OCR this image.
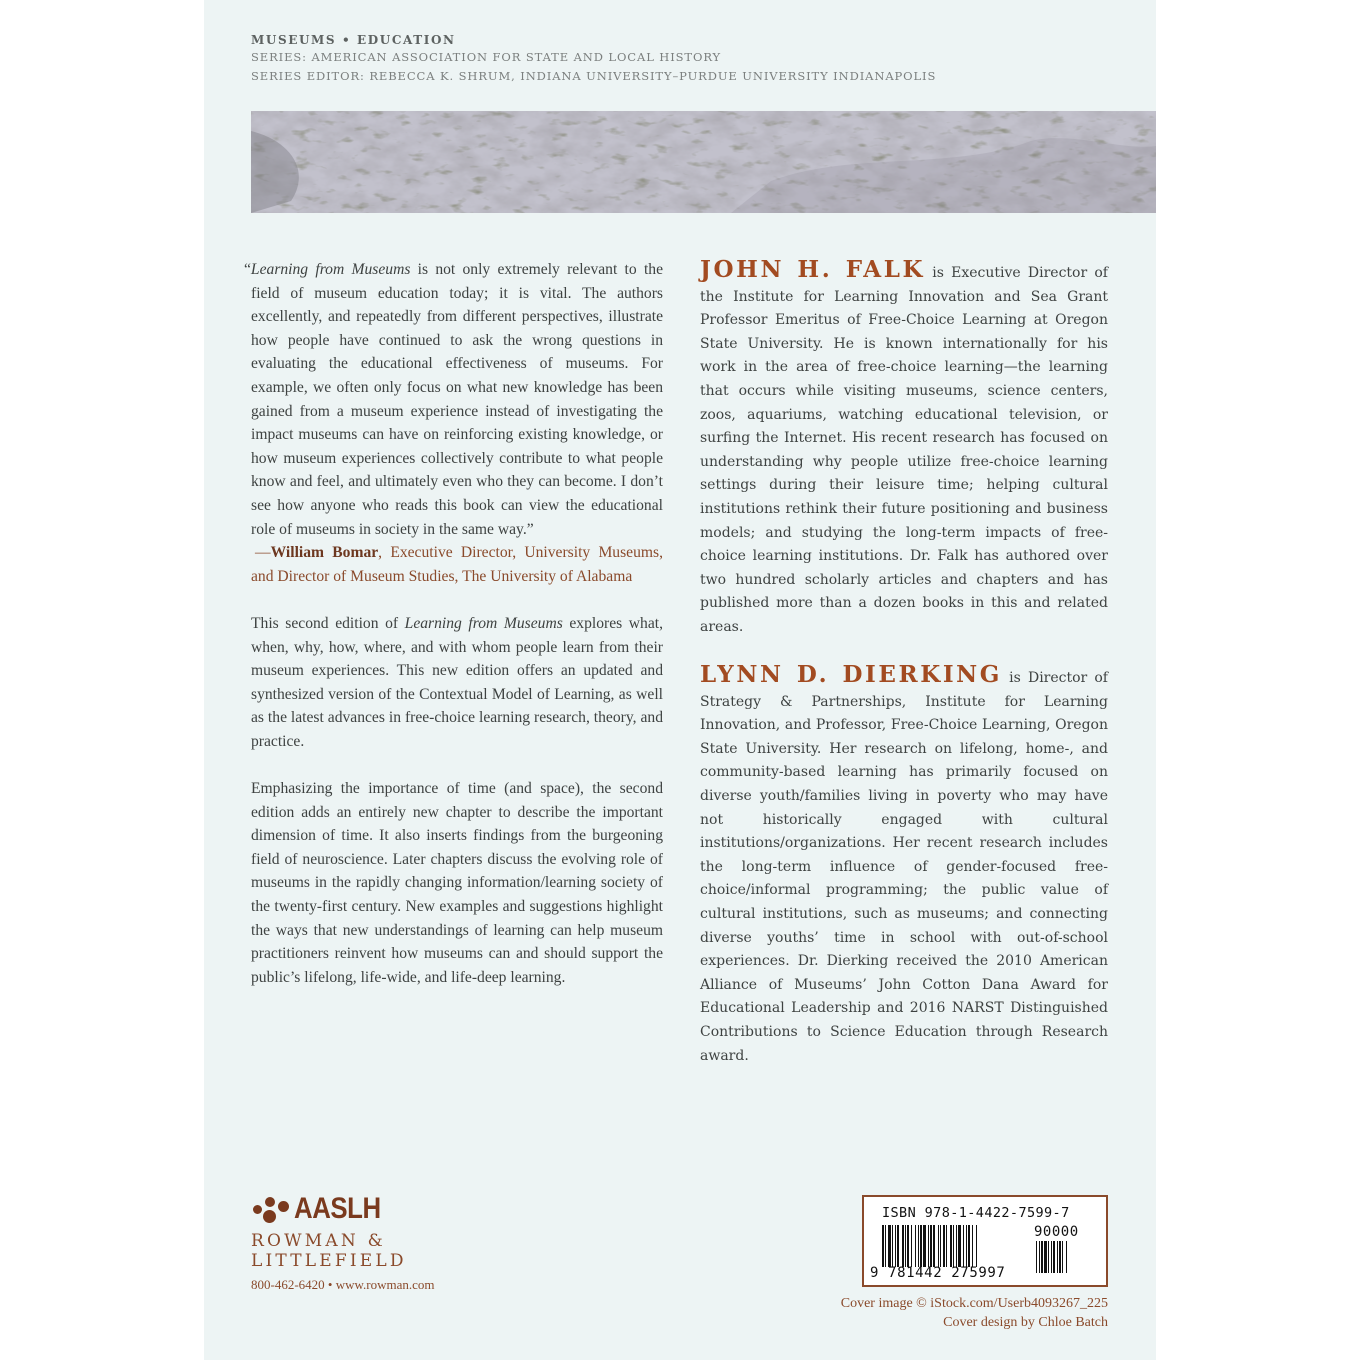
MUSEUMS • EDUCATION
SERIES: AMERICAN ASSOCIATION FOR STATE AND LOCAL HISTORY
SERIES EDITOR: REBECCA K. SHRUM, INDIANA UNIVERSITY–PURDUE UNIVERSITY INDIANAPOLIS

“Learning from Museums is not only extremely relevant to the field of museum education today; it is vital. The authors excellently, and repeatedly from different perspectives, illustrate how people have continued to ask the wrong questions in evaluating the educational effectiveness of museums. For example, we often only focus on what new knowledge has been gained from a museum experience instead of investigating the impact museums can have on reinforcing existing knowledge, or how museum experiences collectively contribute to what people know and feel, and ultimately even who they can become. I don’t see how anyone who reads this book can view the educational role of museums in society in the same way.”
—William Bomar, Executive Director, University Museums, and Director of Museum Studies, The University of Alabama

This second edition of Learning from Museums explores what, when, why, how, where, and with whom people learn from their museum experiences. This new edition offers an updated and synthesized version of the Contextual Model of Learning, as well as the latest advances in free-choice learning research, theory, and practice.

Emphasizing the importance of time (and space), the second edition adds an entirely new chapter to describe the important dimension of time. It also inserts findings from the burgeoning field of neuroscience. Later chapters discuss the evolving role of museums in the rapidly changing information/learning society of the twenty-first century. New examples and suggestions highlight the ways that new understandings of learning can help museum practitioners reinvent how museums can and should support the public’s lifelong, life-wide, and life-deep learning.

JOHN H. FALK is Executive Director of the Institute for Learning Innovation and Sea Grant Professor Emeritus of Free-Choice Learning at Oregon State University. He is known internationally for his work in the area of free-choice learning—the learning that occurs while visiting museums, science centers, zoos, aquariums, watching educational television, or surfing the Internet. His recent research has focused on understanding why people utilize free-choice learning settings during their leisure time; helping cultural institutions rethink their future positioning and business models; and studying the long-term impacts of free-choice learning institutions. Dr. Falk has authored over two hundred scholarly articles and chapters and has published more than a dozen books in this and related areas.

LYNN D. DIERKING is Director of Strategy & Partnerships, Institute for Learning Innovation, and Professor, Free-Choice Learning, Oregon State University. Her research on lifelong, home-, and community-based learning has primarily focused on diverse youth/families living in poverty who may have not historically engaged with cultural institutions/organizations. Her recent research includes the long-term influence of gender-focused free-choice/informal programming; the public value of cultural institutions, such as museums; and connecting diverse youths’ time in school with out-of-school experiences. Dr. Dierking received the 2010 American Alliance of Museums’ John Cotton Dana Award for Educational Leadership and 2016 NARST Distinguished Contributions to Science Education through Research award.

AASLH
ROWMAN &
LITTLEFIELD
800-462-6420 • www.rowman.com
ISBN 978-1-4422-7599-7
90000
9 781442 275997
Cover image © iStock.com/Userb4093267_225
Cover design by Chloe Batch
